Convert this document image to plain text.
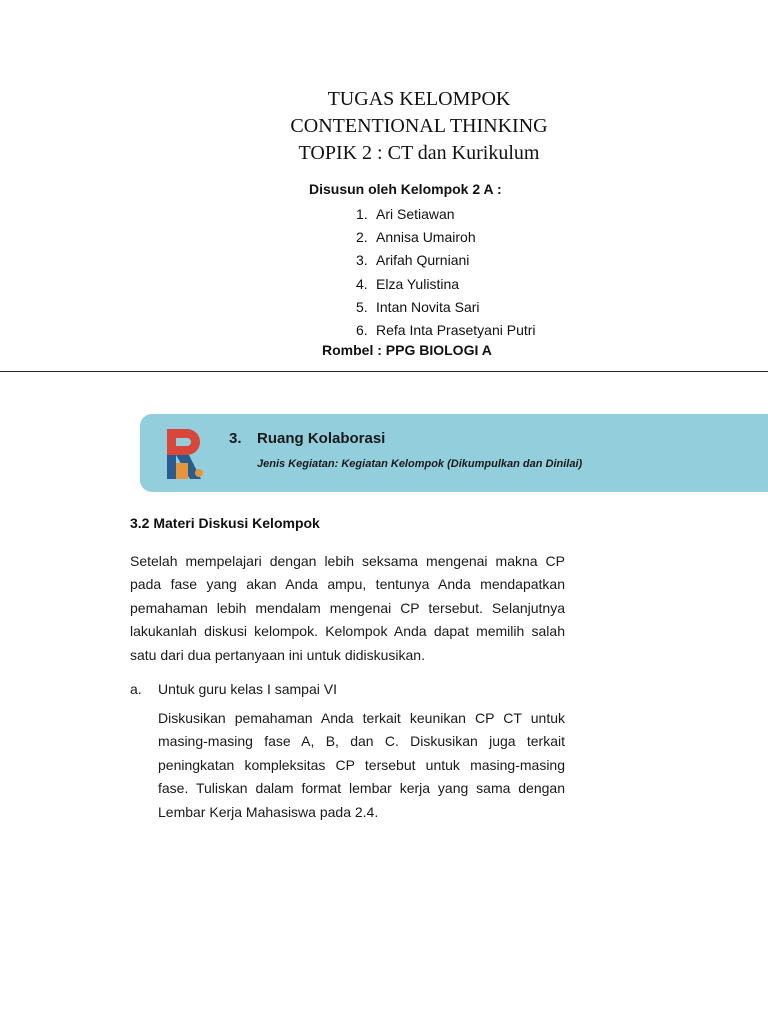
TUGAS KELOMPOK
CONTENTIONAL THINKING
TOPIK 2 : CT dan Kurikulum
Disusun oleh Kelompok 2 A :
1. Ari Setiawan
2. Annisa Umairoh
3. Arifah Qurniani
4. Elza Yulistina
5. Intan Novita Sari
6. Refa Inta Prasetyani Putri
Rombel : PPG BIOLOGI A
3. Ruang Kolaborasi
Jenis Kegiatan: Kegiatan Kelompok (Dikumpulkan dan Dinilai)
3.2 Materi Diskusi Kelompok

Setelah mempelajari dengan lebih seksama mengenai makna CP pada fase yang akan Anda ampu, tentunya Anda mendapatkan pemahaman lebih mendalam mengenai CP tersebut. Selanjutnya lakukanlah diskusi kelompok. Kelompok Anda dapat memilih salah satu dari dua pertanyaan ini untuk didiskusikan.

a. Untuk guru kelas I sampai VI

Diskusikan pemahaman Anda terkait keunikan CP CT untuk masing-masing fase A, B, dan C. Diskusikan juga terkait peningkatan kompleksitas CP tersebut untuk masing-masing fase. Tuliskan dalam format lembar kerja yang sama dengan Lembar Kerja Mahasiswa pada 2.4.
